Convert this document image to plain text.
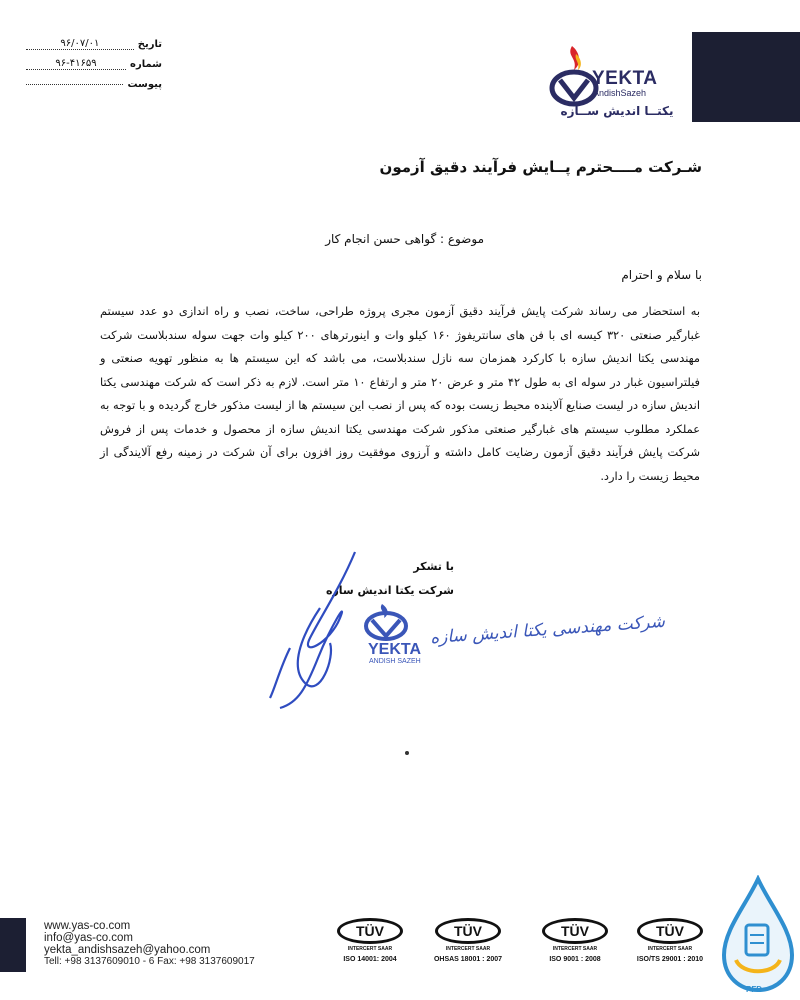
تاریخ
۹۶/۰۷/۰۱
شماره
۹۶-۴۱۶۵۹
پیوست	YEKTA
AndishSazeh
یکتــا اندیش ســازه
شـرکت مــــحترم پــایش فرآیند دقیق آزمون
موضوع : گواهی حسن انجام کار
با سلام و احترام
به استحضار می رساند شرکت پایش فرآیند دقیق آزمون مجری پروژه طراحی، ساخت، نصب و راه اندازی دو عدد سیستم غبارگیر صنعتی ۳۲۰ کیسه ای با فن های سانتریفوژ ۱۶۰ کیلو وات و اینورترهای ۲۰۰ کیلو وات جهت سوله سندبلاست شرکت مهندسی یکتا اندیش سازه با کارکرد همزمان سه نازل سندبلاست، می باشد که این سیستم ها به منظور تهویه صنعتی و فیلتراسیون غبار در سوله ای به طول ۴۲ متر و عرض ۲۰ متر و ارتفاع ۱۰ متر است. لازم به ذکر است که شرکت مهندسی یکتا اندیش سازه در لیست صنایع آلاینده محیط زیست بوده که پس از نصب این سیستم ها از لیست مذکور خارج گردیده و با توجه به عملکرد مطلوب سیستم های غبارگیر صنعتی مذکور شرکت مهندسی یکتا اندیش سازه از محصول و خدمات پس از فروش شرکت پایش فرآیند دقیق آزمون رضایت کامل داشته و آرزوی موفقیت روز افزون برای آن شرکت در زمینه رفع آلایندگی از محیط زیست را دارد.
با تشکر
شرکت یکتا اندیش سازه
شرکت مهندسی یکتا اندیش سازه
YEKTA
ANDISH SAZEH
www.yas-co.com
info@yas-co.com
yekta_andishsazeh@yahoo.com
Tell: +98 3137609010 - 6 Fax: +98 3137609017
TÜV
INTERCERT SAAR
ISO 14001: 2004
TÜV
INTERCERT SAAR
OHSAS 18001 : 2007
TÜV
INTERCERT SAAR
ISO 9001 : 2008
TÜV
INTERCERT SAAR
ISO/TS 29001 : 2010
PFD
